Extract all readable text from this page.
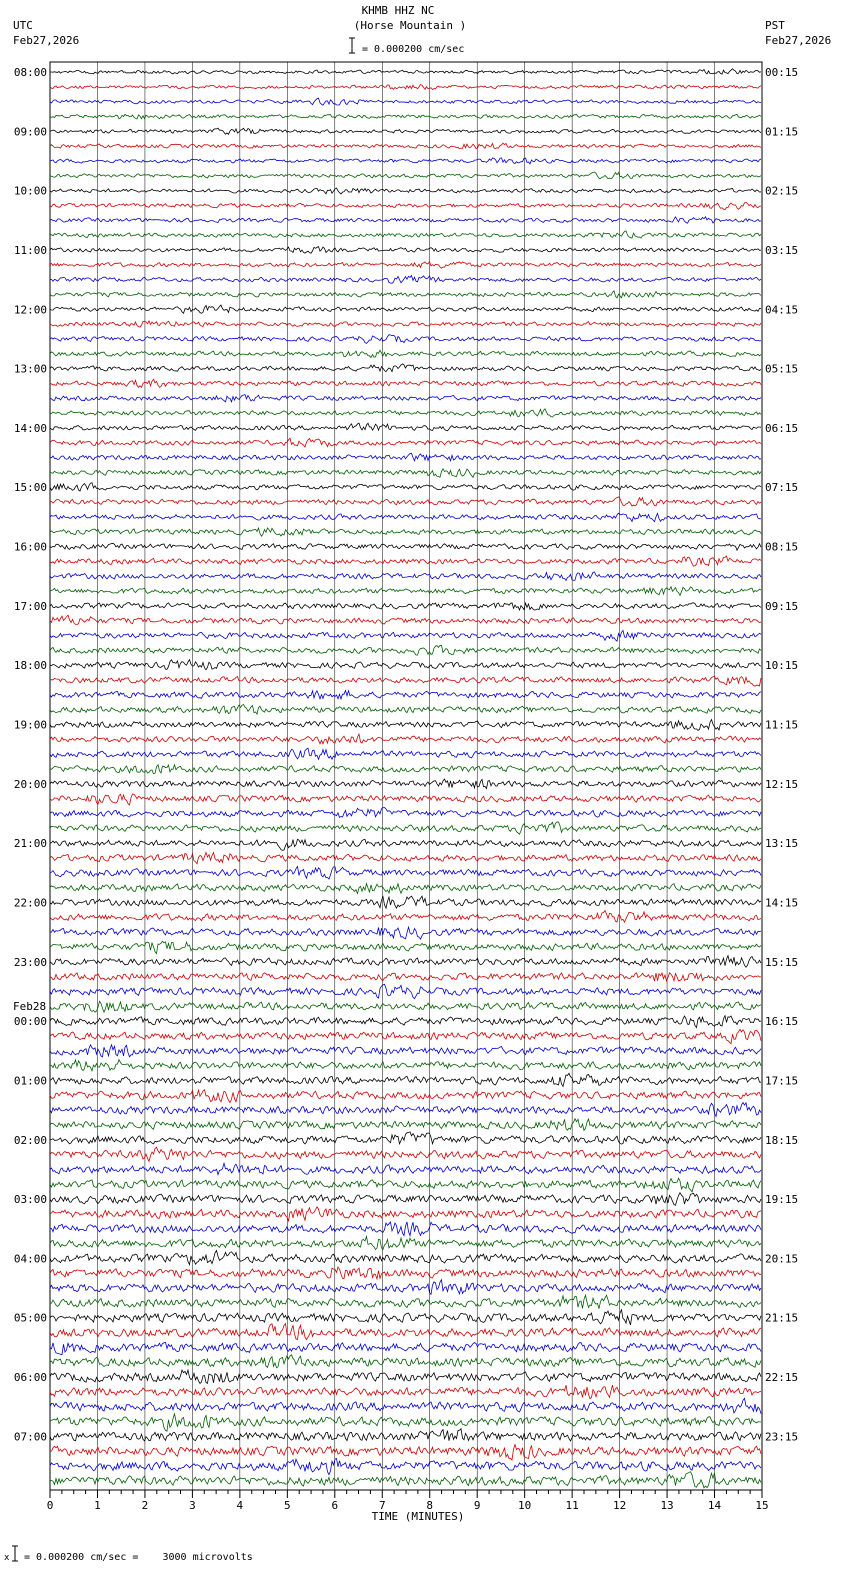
KHMB HHZ NC
(Horse Mountain )
= 0.000200 cm/sec
UTC
Feb27,2026
PST
Feb27,2026
08:00
09:00
10:00
11:00
12:00
13:00
14:00
15:00
16:00
17:00
18:00
19:00
20:00
21:00
22:00
23:00
00:00
Feb28
01:00
02:00
03:00
04:00
05:00
06:00
07:00
00:15
01:15
02:15
03:15
04:15
05:15
06:15
07:15
08:15
09:15
10:15
11:15
12:15
13:15
14:15
15:15
16:15
17:15
18:15
19:15
20:15
21:15
22:15
23:15
0	1	2	3	4	5	6	7	8	9	10	11	12	13	14	15
TIME (MINUTES)
x = 0.000200 cm/sec =    3000 microvolts
